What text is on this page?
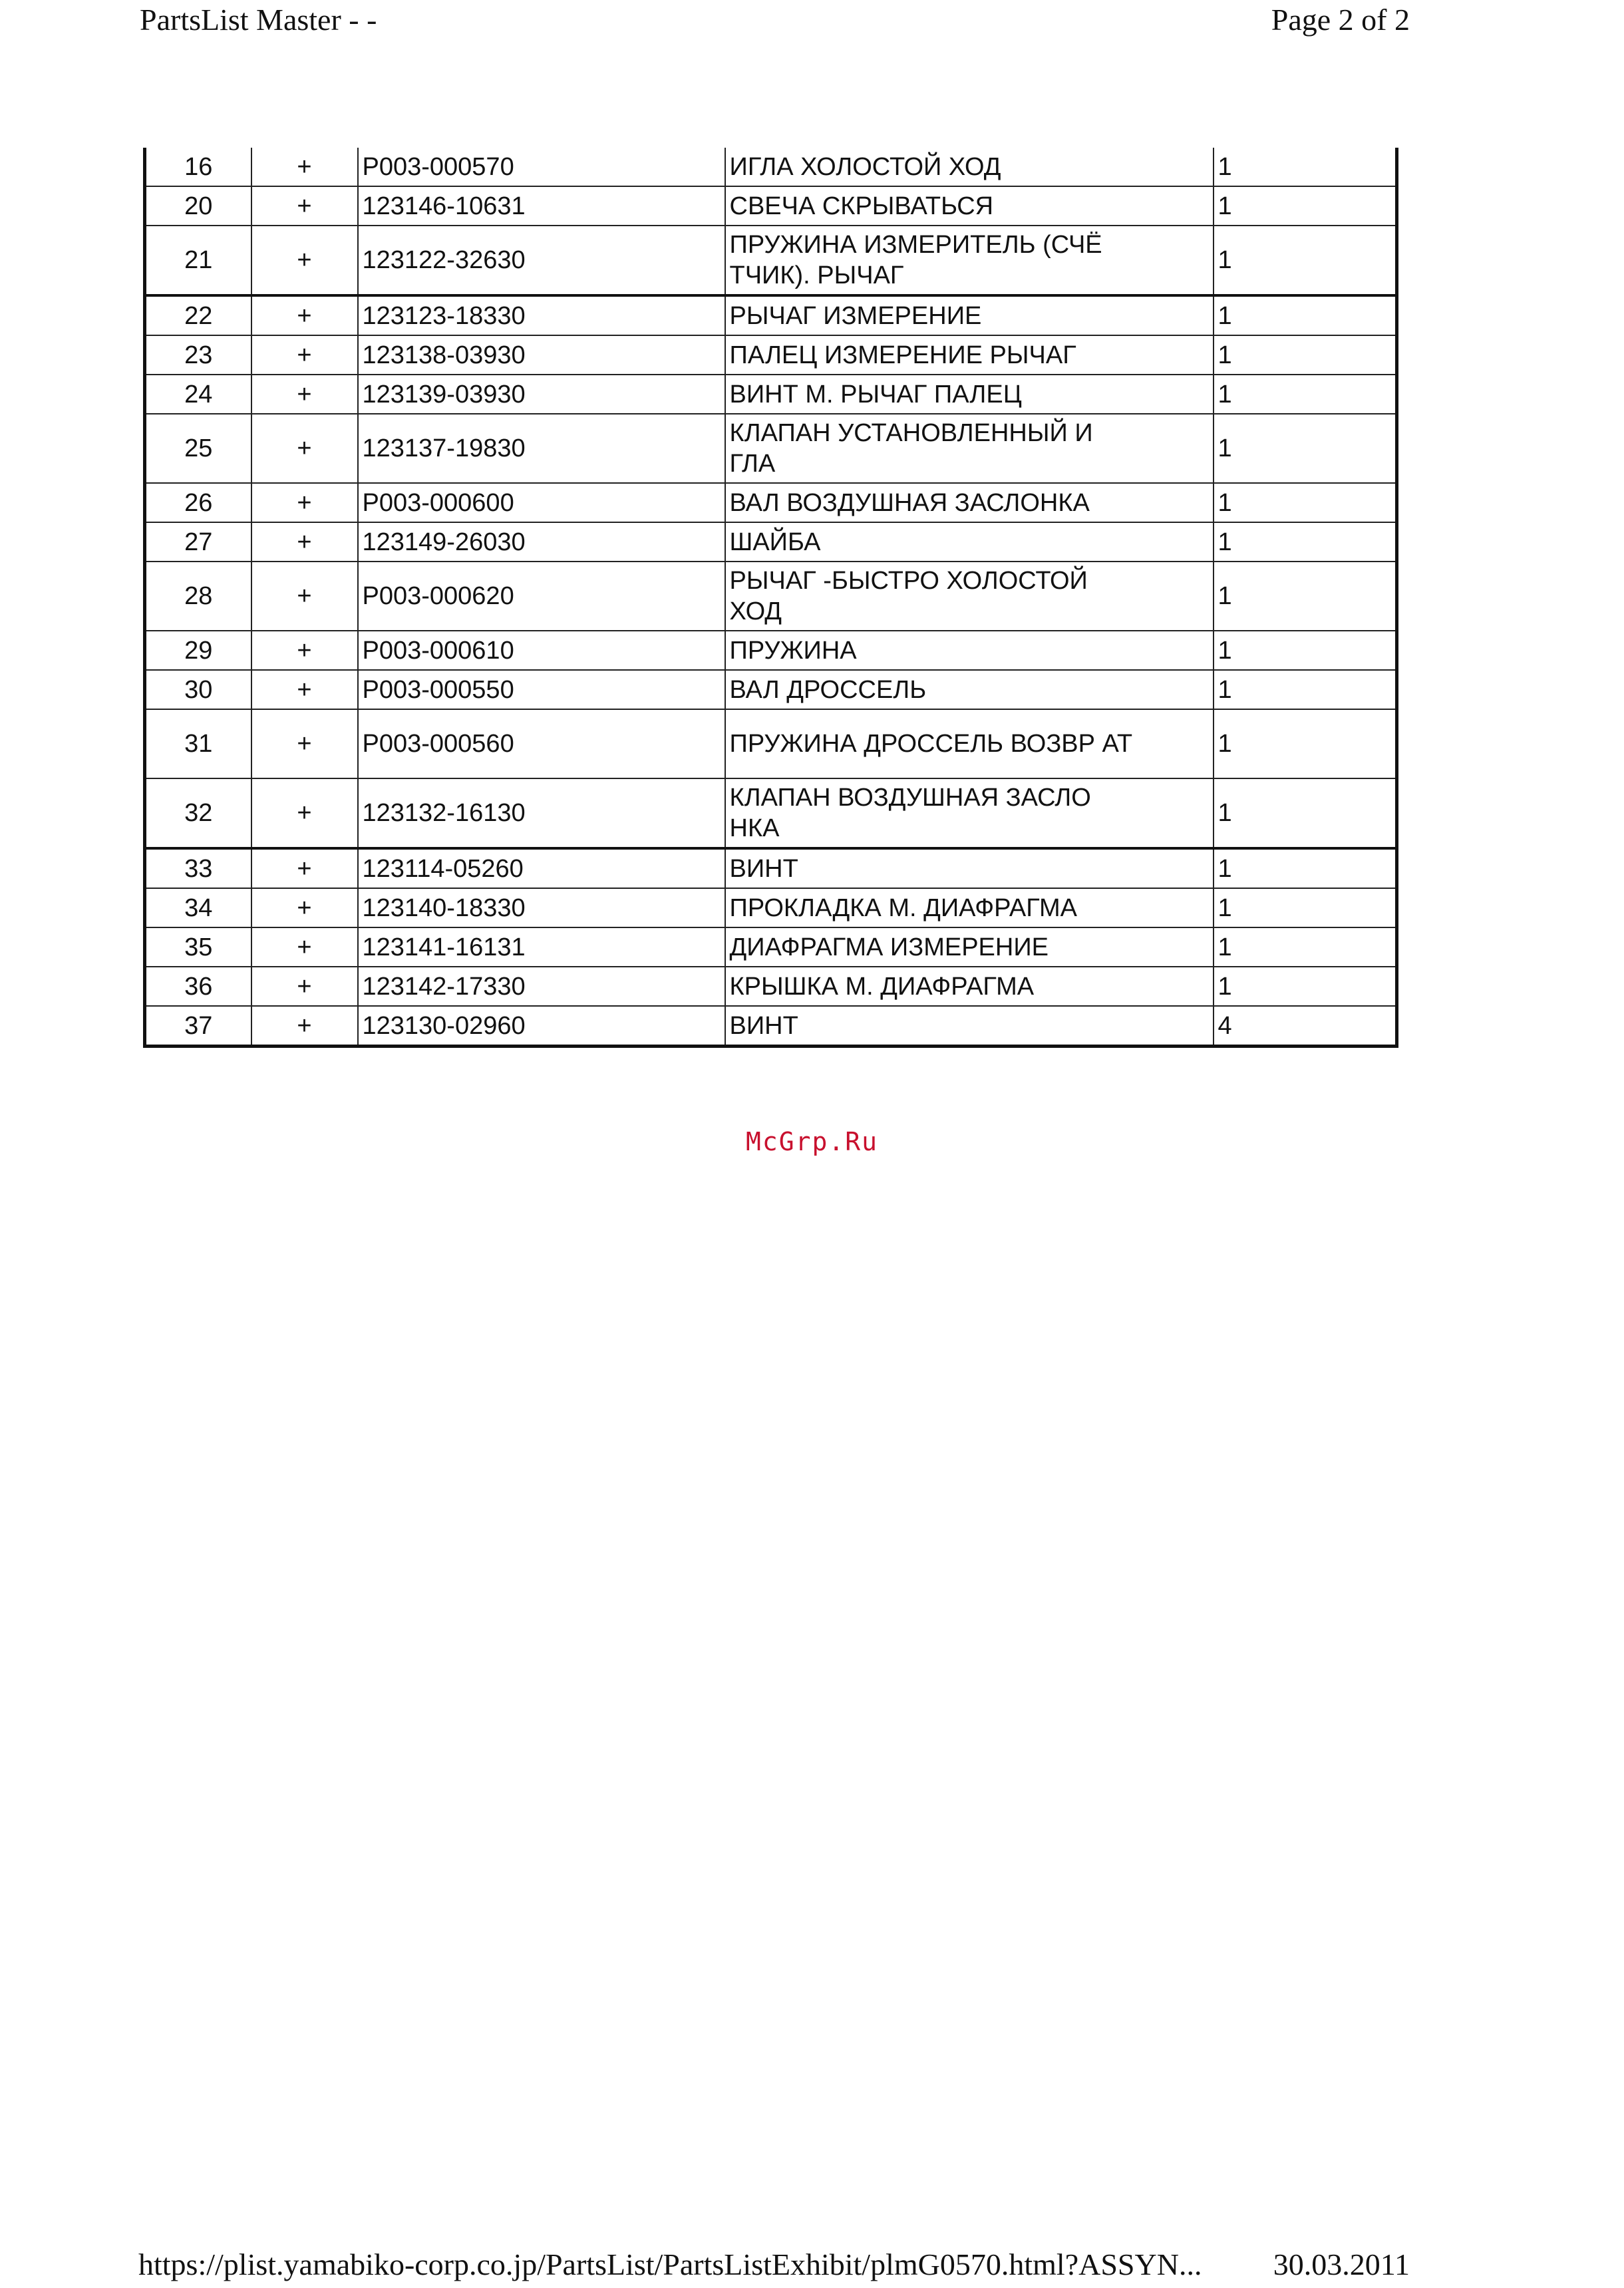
PartsList Master - -	Page 2 of 2
16	+	P003-000570	ИГЛА ХОЛОСТОЙ ХОД	1
20	+	123146-10631	СВЕЧА СКРЫВАТЬСЯ	1
21	+	123122-32630	ПРУЖИНА ИЗМЕРИТЕЛЬ (СЧЁ ТЧИК). РЫЧАГ	1
22	+	123123-18330	РЫЧАГ ИЗМЕРЕНИЕ	1
23	+	123138-03930	ПАЛЕЦ ИЗМЕРЕНИЕ РЫЧАГ	1
24	+	123139-03930	ВИНТ М. РЫЧАГ ПАЛЕЦ	1
25	+	123137-19830	КЛАПАН УСТАНОВЛЕННЫЙ И ГЛА	1
26	+	P003-000600	ВАЛ ВОЗДУШНАЯ ЗАСЛОНКА	1
27	+	123149-26030	ШАЙБА	1
28	+	P003-000620	РЫЧАГ -БЫСТРО ХОЛОСТОЙ ХОД	1
29	+	P003-000610	ПРУЖИНА	1
30	+	P003-000550	ВАЛ ДРОССЕЛЬ	1
31	+	P003-000560	ПРУЖИНА ДРОССЕЛЬ ВОЗВР АТ	1
32	+	123132-16130	КЛАПАН ВОЗДУШНАЯ ЗАСЛО НКА	1
33	+	123114-05260	ВИНТ	1
34	+	123140-18330	ПРОКЛАДКА М. ДИАФРАГМА	1
35	+	123141-16131	ДИАФРАГМА ИЗМЕРЕНИЕ	1
36	+	123142-17330	КРЫШКА М. ДИАФРАГМА	1
37	+	123130-02960	ВИНТ	4
McGrp.Ru
https://plist.yamabiko-corp.co.jp/PartsList/PartsListExhibit/plmG0570.html?ASSYN... 30.03.2011
